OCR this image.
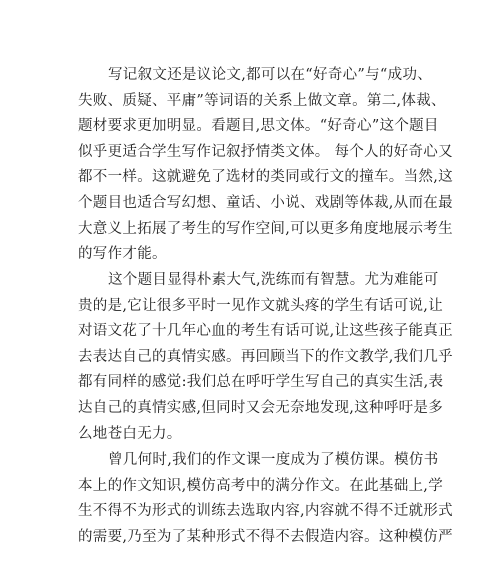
写记叙文还是议论文,都可以在“好奇心”与“成功、
失败、质疑、平庸”等词语的关系上做文章。第二,体裁、
题材要求更加明显。看题目,思文体。“好奇心”这个题目
似乎更适合学生写作记叙抒情类文体。 每个人的好奇心又
都不一样。这就避免了选材的类同或行文的撞车。当然,这
个题目也适合写幻想、童话、小说、戏剧等体裁,从而在最
大意义上拓展了考生的写作空间,可以更多角度地展示考生
的写作才能。
这个题目显得朴素大气,洗练而有智慧。尤为难能可
贵的是,它让很多平时一见作文就头疼的学生有话可说,让
对语文花了十几年心血的考生有话可说,让这些孩子能真正
去表达自己的真情实感。再回顾当下的作文教学,我们几乎
都有同样的感觉:我们总在呼吁学生写自己的真实生活,表
达自己的真情实感,但同时又会无奈地发现,这种呼吁是多
么地苍白无力。
曾几何时,我们的作文课一度成为了模仿课。模仿书
本上的作文知识,模仿高考中的满分作文。在此基础上,学
生不得不为形式的训练去选取内容,内容就不得不迁就形式
的需要,乃至为了某种形式不得不去假造内容。这种模仿严
